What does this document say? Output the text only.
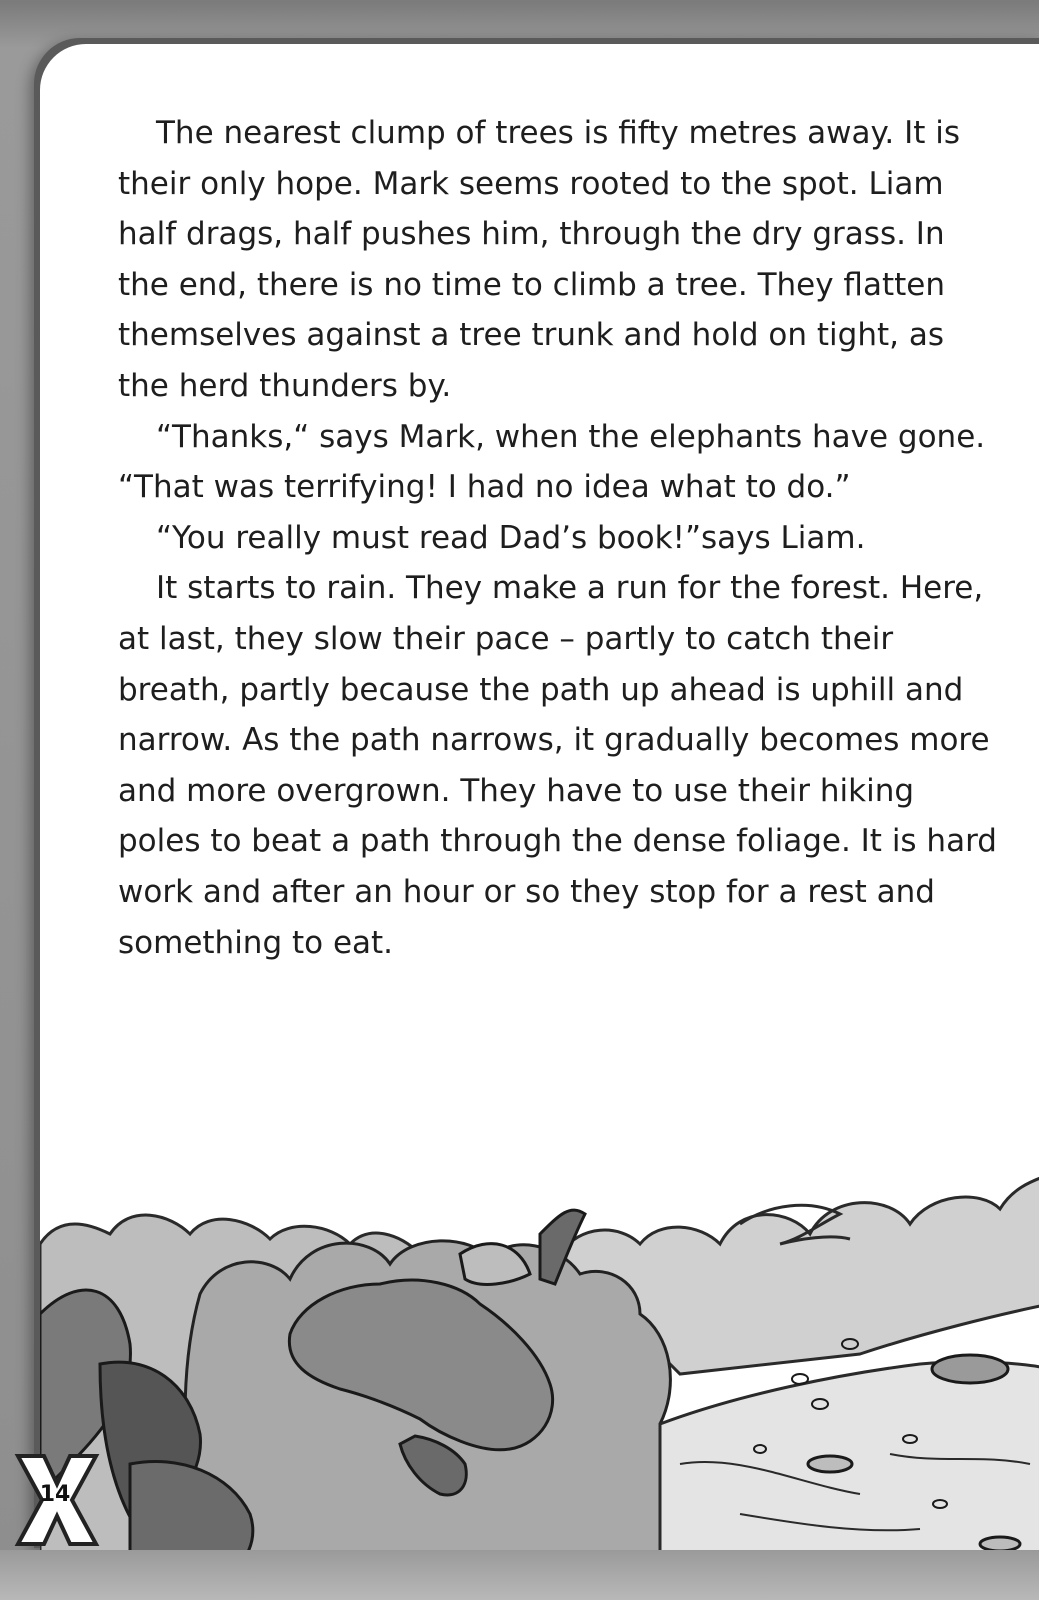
The nearest clump of trees is fifty metres away. It is their only hope. Mark seems rooted to the spot. Liam half drags, half pushes him, through the dry grass. In the end, there is no time to climb a tree. They flatten themselves against a tree trunk and hold on tight, as the herd thunders by.

“Thanks,“ says Mark, when the elephants have gone. “That was terrifying! I had no idea what to do.”

“You really must read Dad’s book!”says Liam.

It starts to rain. They make a run for the forest. Here, at last, they slow their pace – partly to catch their breath, partly because the path up ahead is uphill and narrow. As the path narrows, it gradually becomes more and more overgrown. They have to use their hiking poles to beat a path through the dense foliage. It is hard work and after an hour or so they stop for a rest and something to eat.

14
